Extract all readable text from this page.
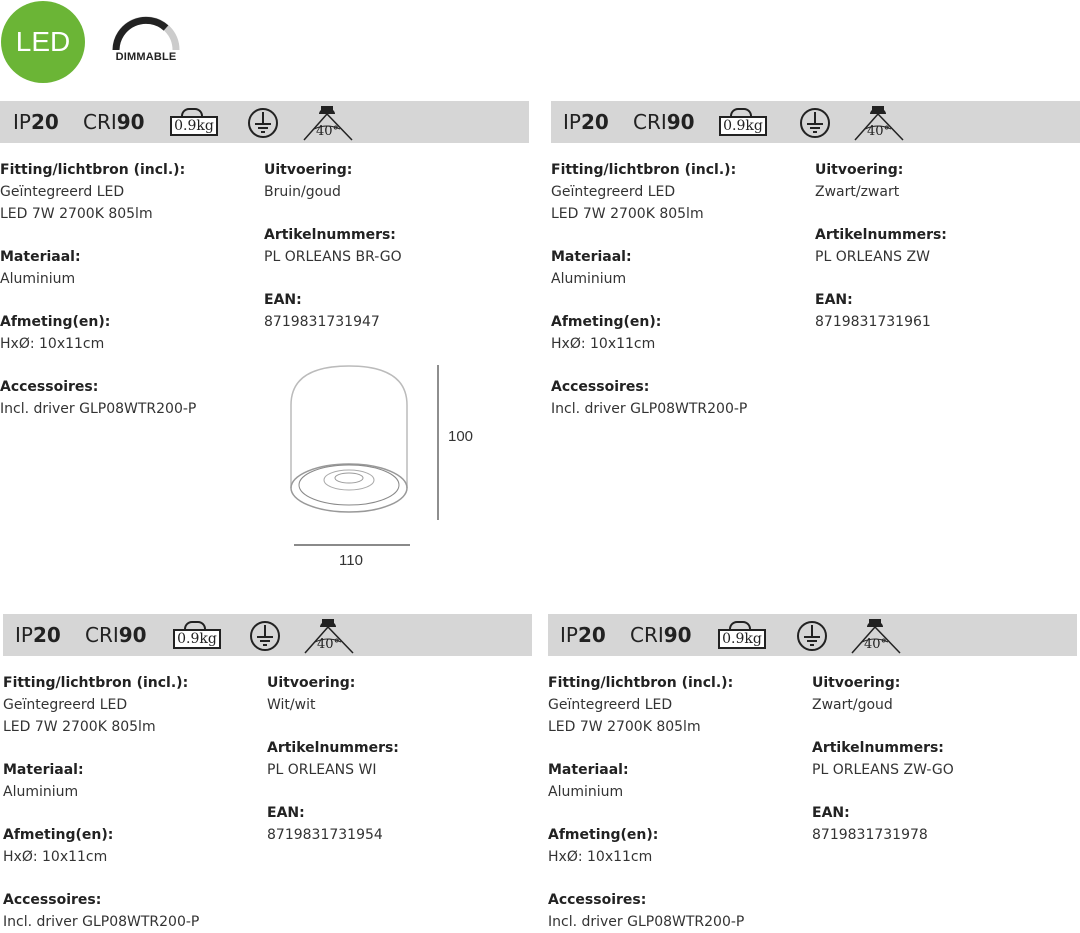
LED	DIMMABLE
IP20 CRI90 0.9kg	40°
Fitting/lichtbron (incl.):
Geïntegreerd LED
LED 7W 2700K 805lm
Materiaal:
Aluminium
Afmeting(en):
HxØ: 10x11cm
Accessoires:
Incl. driver GLP08WTR200-P
Uitvoering:
Bruin/goud
Artikelnummers:
PL ORLEANS BR-GO
EAN:
8719831731947
IP20 CRI90 0.9kg	40°
Fitting/lichtbron (incl.):
Geïntegreerd LED
LED 7W 2700K 805lm
Materiaal:
Aluminium
Afmeting(en):
HxØ: 10x11cm
Accessoires:
Incl. driver GLP08WTR200-P
Uitvoering:
Zwart/zwart
Artikelnummers:
PL ORLEANS ZW
EAN:
8719831731961
100
110
IP20 CRI90 0.9kg	40°
Fitting/lichtbron (incl.):
Geïntegreerd LED
LED 7W 2700K 805lm
Materiaal:
Aluminium
Afmeting(en):
HxØ: 10x11cm
Accessoires:
Incl. driver GLP08WTR200-P
Uitvoering:
Wit/wit
Artikelnummers:
PL ORLEANS WI
EAN:
8719831731954
IP20 CRI90 0.9kg	40°
Fitting/lichtbron (incl.):
Geïntegreerd LED
LED 7W 2700K 805lm
Materiaal:
Aluminium
Afmeting(en):
HxØ: 10x11cm
Accessoires:
Incl. driver GLP08WTR200-P
Uitvoering:
Zwart/goud
Artikelnummers:
PL ORLEANS ZW-GO
EAN:
8719831731978
